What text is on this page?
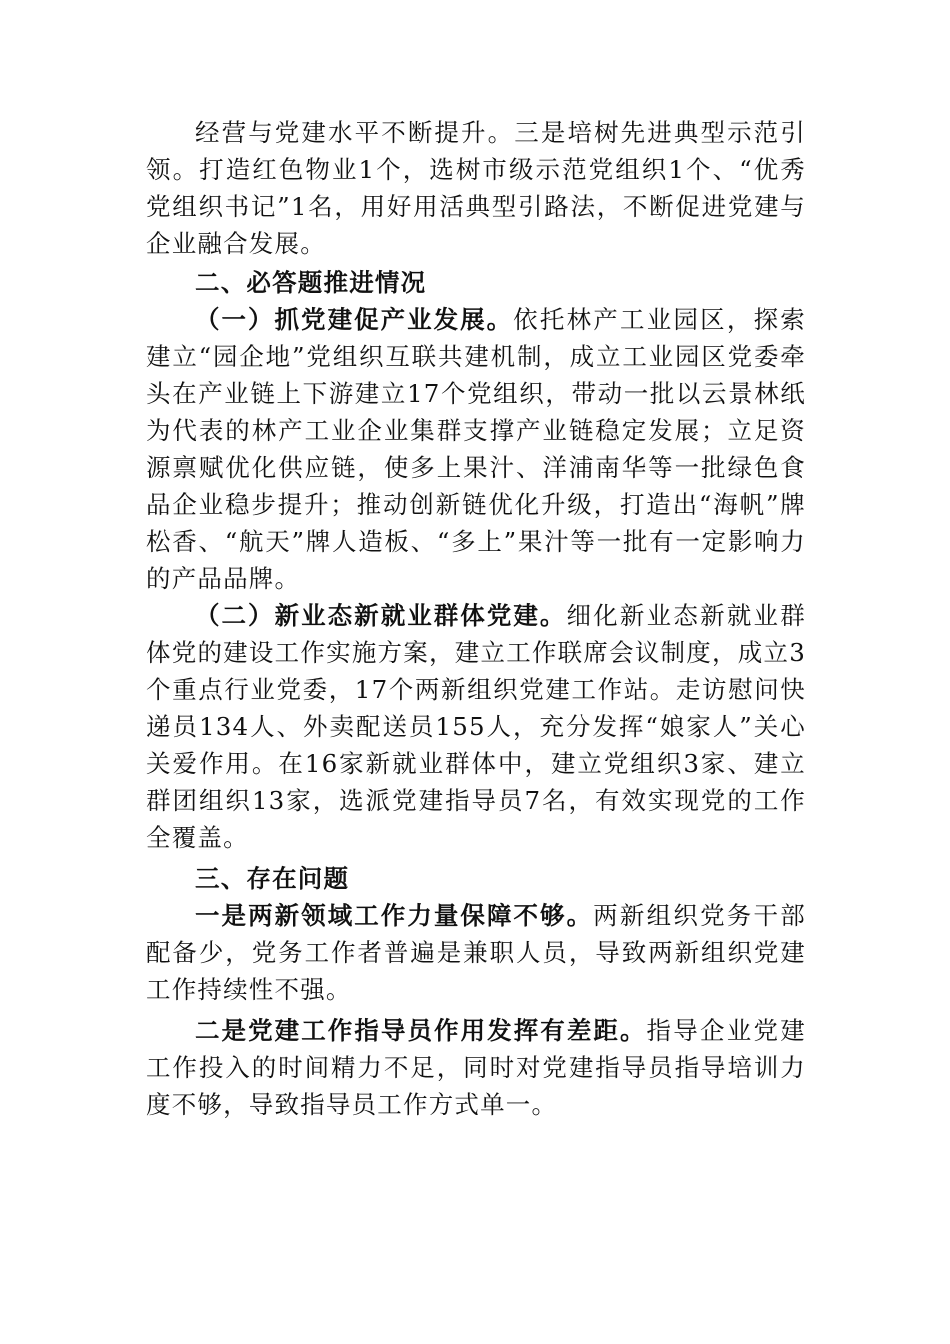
经营与党建水平不断提升。三是培树先进典型示范引领。打造红色物业1个，选树市级示范党组织1个、“优秀党组织书记”1名，用好用活典型引路法，不断促进党建与企业融合发展。

二、必答题推进情况

（一）抓党建促产业发展。依托林产工业园区，探索建立“园企地”党组织互联共建机制，成立工业园区党委牵头在产业链上下游建立17个党组织，带动一批以云景林纸为代表的林产工业企业集群支撑产业链稳定发展；立足资源禀赋优化供应链，使多上果汁、洋浦南华等一批绿色食品企业稳步提升；推动创新链优化升级，打造出“海帆”牌松香、“航天”牌人造板、“多上”果汁等一批有一定影响力的产品品牌。

（二）新业态新就业群体党建。细化新业态新就业群体党的建设工作实施方案，建立工作联席会议制度，成立3个重点行业党委，17个两新组织党建工作站。走访慰问快递员134人、外卖配送员155人，充分发挥“娘家人”关心关爱作用。在16家新就业群体中，建立党组织3家、建立群团组织13家，选派党建指导员7名，有效实现党的工作全覆盖。

三、存在问题

一是两新领域工作力量保障不够。两新组织党务干部配备少，党务工作者普遍是兼职人员，导致两新组织党建工作持续性不强。

二是党建工作指导员作用发挥有差距。指导企业党建工作投入的时间精力不足，同时对党建指导员指导培训力度不够，导致指导员工作方式单一。
